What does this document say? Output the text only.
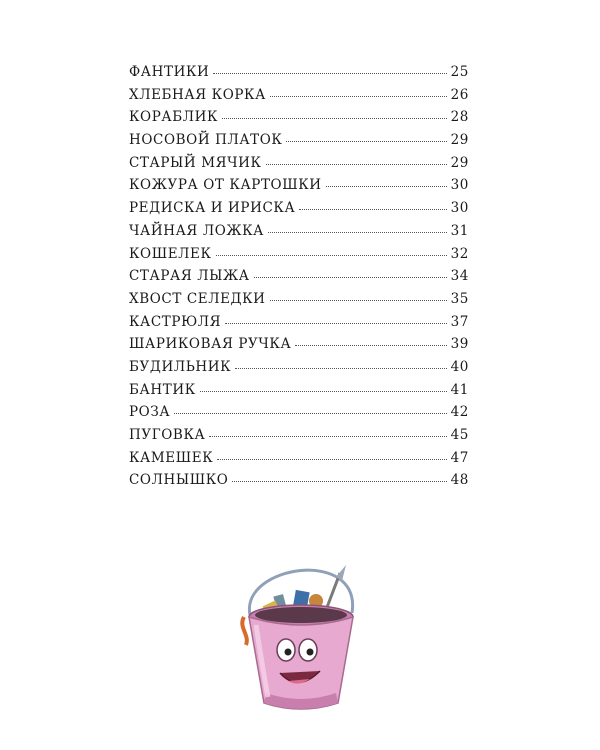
ФАНТИКИ	25
ХЛЕБНАЯ КОРКА	26
КОРАБЛИК	28
НОСОВОЙ ПЛАТОК	29
СТАРЫЙ МЯЧИК	29
КОЖУРА ОТ КАРТОШКИ	30
РЕДИСКА И ИРИСКА	30
ЧАЙНАЯ ЛОЖКА	31
КОШЕЛЕК	32
СТАРАЯ ЛЫЖА	34
ХВОСТ СЕЛЕДКИ	35
КАСТРЮЛЯ	37
ШАРИКОВАЯ РУЧКА	39
БУДИЛЬНИК	40
БАНТИК	41
РОЗА	42
ПУГОВКА	45
КАМЕШЕК	47
СОЛНЫШКО	48
